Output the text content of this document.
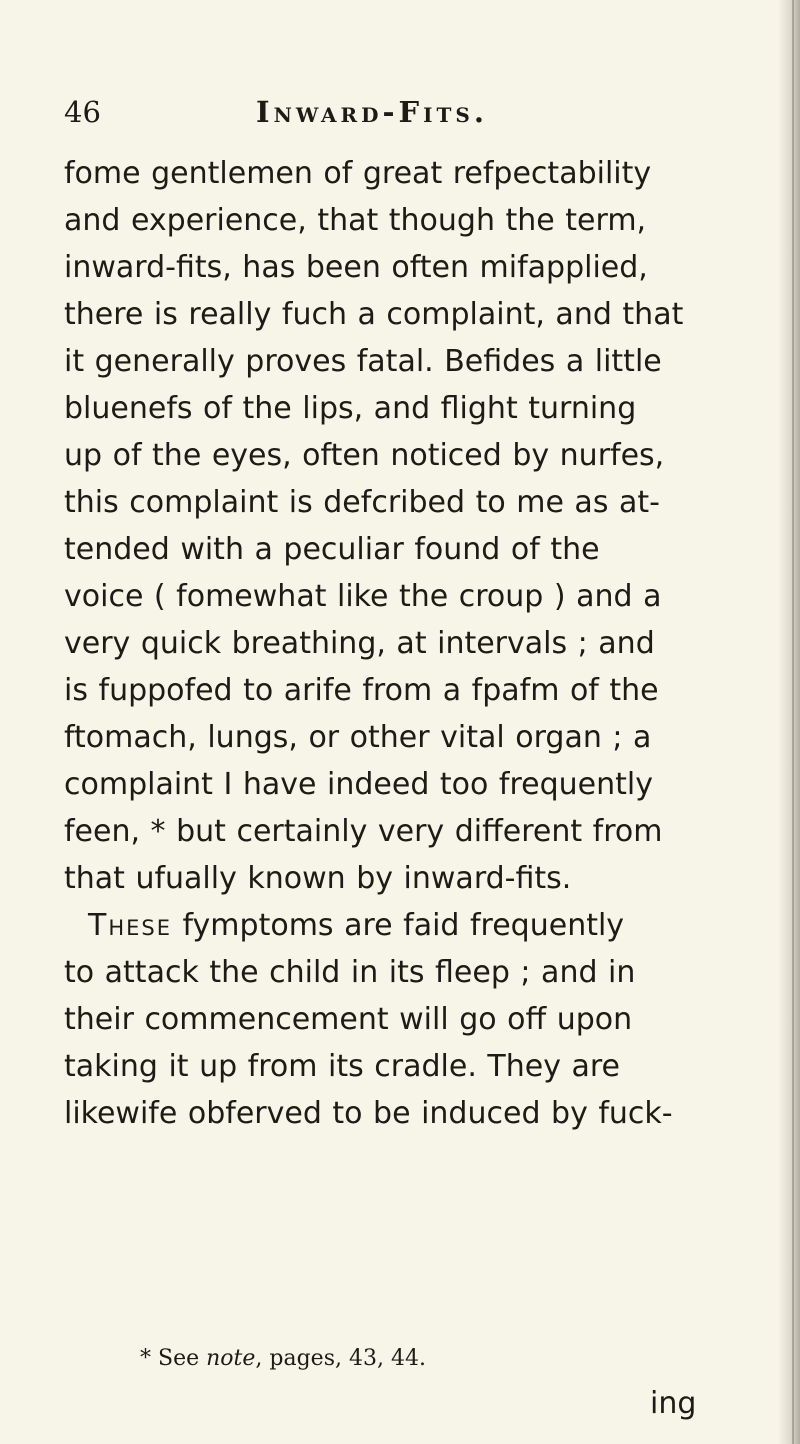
46	Inward-Fits.
fome gentlemen of great refpectability
and experience, that though the term,
inward-fits, has been often mifapplied,
there is really fuch a complaint, and that
it generally proves fatal. Befides a little
bluenefs of the lips, and flight turning
up of the eyes, often noticed by nurfes,
this complaint is defcribed to me as at-
tended with a peculiar found of the
voice ( fomewhat like the croup ) and a
very quick breathing, at intervals ; and
is fuppofed to arife from a fpafm of the
ftomach, lungs, or other vital organ ; a
complaint I have indeed too frequently
feen, * but certainly very different from
that ufually known by inward-fits.
These fymptoms are faid frequently
to attack the child in its fleep ; and in
their commencement will go off upon
taking it up from its cradle. They are
likewife obferved to be induced by fuck-
* See note, pages, 43, 44.
ing
